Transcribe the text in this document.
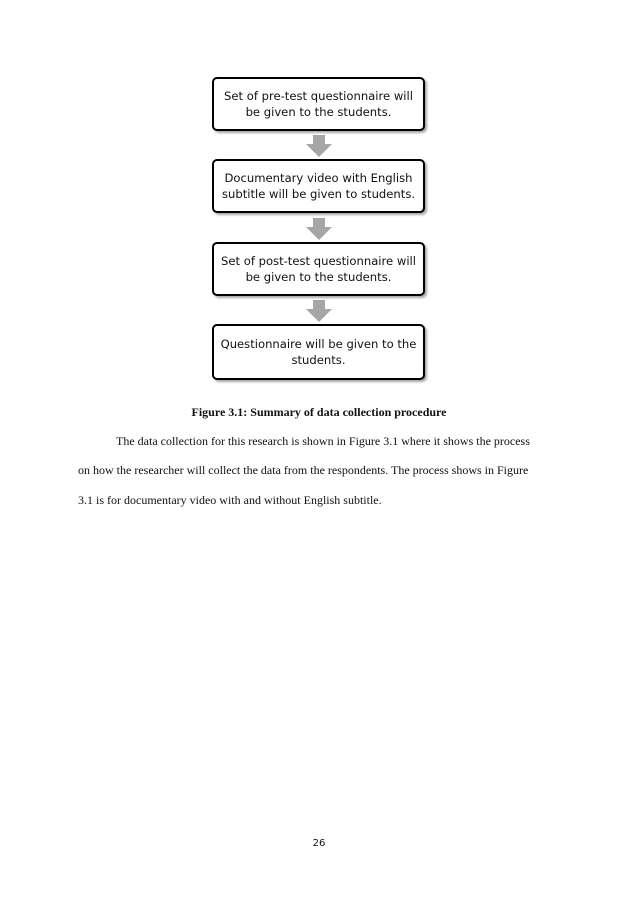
Set of pre-test questionnaire will be given to the students.
Documentary video with English subtitle will be given to students.
Set of post-test questionnaire will be given to the students.
Questionnaire will be given to the students.
Figure 3.1: Summary of data collection procedure
The data collection for this research is shown in Figure 3.1 where it shows the process
on how the researcher will collect the data from the respondents. The process shows in Figure
3.1 is for documentary video with and without English subtitle.
26
